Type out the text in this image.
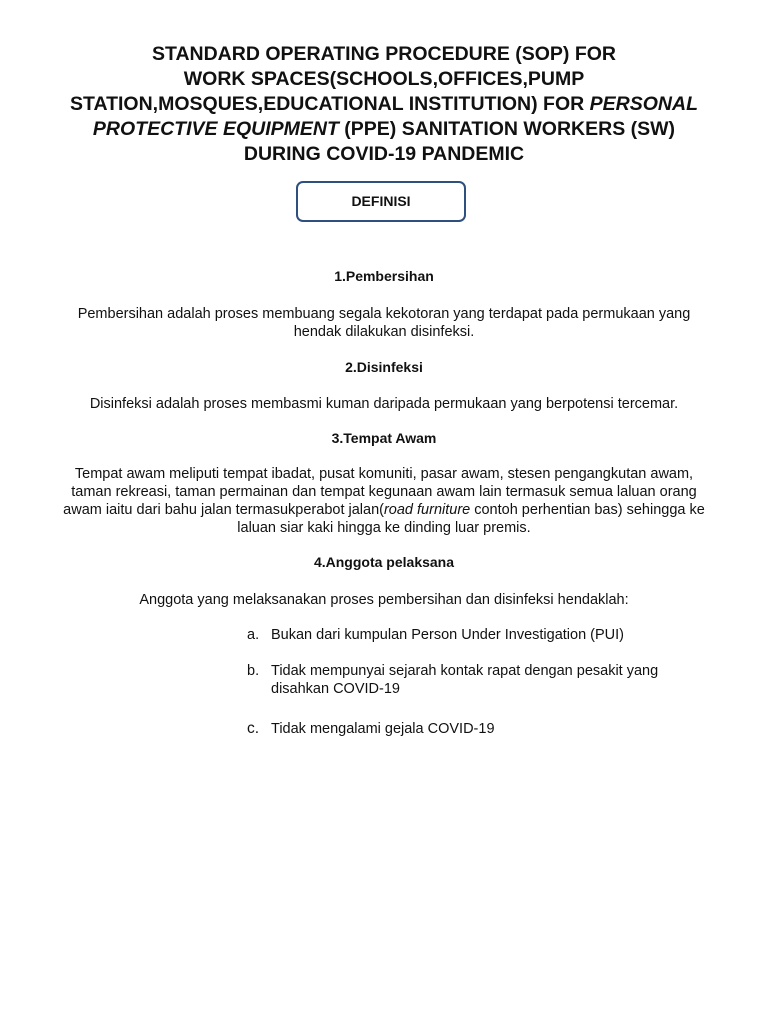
STANDARD OPERATING PROCEDURE (SOP) FOR
WORK SPACES(SCHOOLS,OFFICES,PUMP
STATION,MOSQUES,EDUCATIONAL INSTITUTION) FOR PERSONAL
PROTECTIVE EQUIPMENT (PPE) SANITATION WORKERS (SW)
DURING COVID-19 PANDEMIC
DEFINISI
1.Pembersihan

Pembersihan adalah proses membuang segala kekotoran yang terdapat pada permukaan yang
hendak dilakukan disinfeksi.

2.Disinfeksi

Disinfeksi adalah proses membasmi kuman daripada permukaan yang berpotensi tercemar.

3.Tempat Awam

Tempat awam meliputi tempat ibadat, pusat komuniti, pasar awam, stesen pengangkutan awam,
taman rekreasi, taman permainan dan tempat kegunaan awam lain termasuk semua laluan orang
awam iaitu dari bahu jalan termasukperabot jalan(road furniture contoh perhentian bas) sehingga ke
laluan siar kaki hingga ke dinding luar premis.

4.Anggota pelaksana

Anggota yang melaksanakan proses pembersihan dan disinfeksi hendaklah:

a. Bukan dari kumpulan Person Under Investigation (PUI)
b. Tidak mempunyai sejarah kontak rapat dengan pesakit yang
disahkan COVID-19
c. Tidak mengalami gejala COVID-19
